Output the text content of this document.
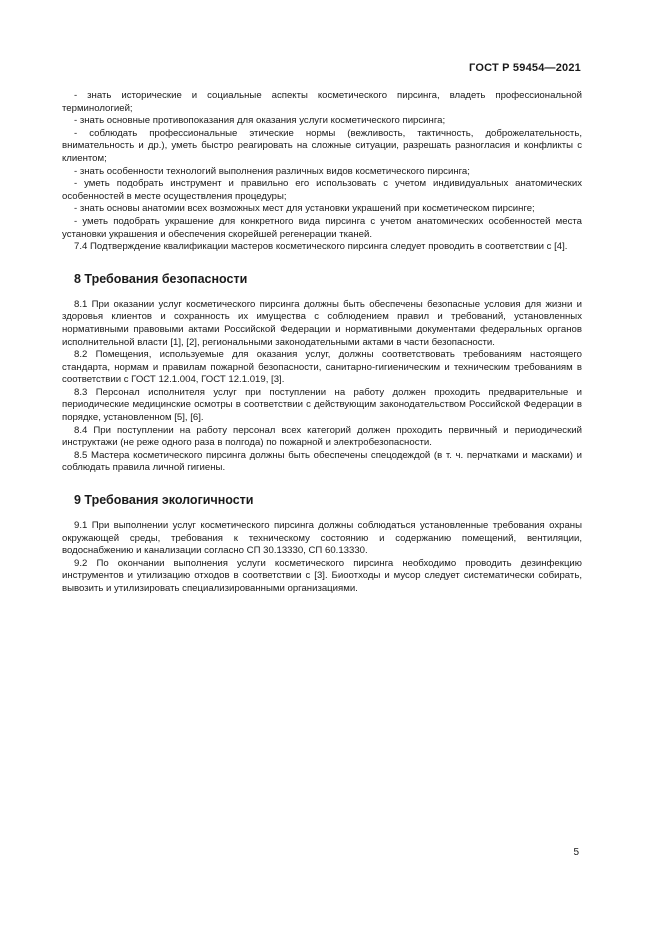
ГОСТ Р 59454—2021

- знать исторические и социальные аспекты косметического пирсинга, владеть профессиональной терминологией;

- знать основные противопоказания для оказания услуги косметического пирсинга;

- соблюдать профессиональные этические нормы (вежливость, тактичность, доброжелательность, внимательность и др.), уметь быстро реагировать на сложные ситуации, разрешать разногласия и конфликты с клиентом;

- знать особенности технологий выполнения различных видов косметического пирсинга;

- уметь подобрать инструмент и правильно его использовать с учетом индивидуальных анатомических особенностей в месте осуществления процедуры;

- знать основы анатомии всех возможных мест для установки украшений при косметическом пирсинге;

- уметь подобрать украшение для конкретного вида пирсинга с учетом анатомических особенностей места установки украшения и обеспечения скорейшей регенерации тканей.

7.4 Подтверждение квалификации мастеров косметического пирсинга следует проводить в соответствии с [4].

8 Требования безопасности

8.1 При оказании услуг косметического пирсинга должны быть обеспечены безопасные условия для жизни и здоровья клиентов и сохранность их имущества с соблюдением правил и требований, установленных нормативными правовыми актами Российской Федерации и нормативными документами федеральных органов исполнительной власти [1], [2], региональными законодательными актами в части безопасности.

8.2 Помещения, используемые для оказания услуг, должны соответствовать требованиям настоящего стандарта, нормам и правилам пожарной безопасности, санитарно-гигиеническим и техническим требованиям в соответствии с ГОСТ 12.1.004, ГОСТ 12.1.019, [3].

8.3 Персонал исполнителя услуг при поступлении на работу должен проходить предварительные и периодические медицинские осмотры в соответствии с действующим законодательством Российской Федерации в порядке, установленном [5], [6].

8.4 При поступлении на работу персонал всех категорий должен проходить первичный и периодический инструктажи (не реже одного раза в полгода) по пожарной и электробезопасности.

8.5 Мастера косметического пирсинга должны быть обеспечены спецодеждой (в т. ч. перчатками и масками) и соблюдать правила личной гигиены.

9 Требования экологичности

9.1 При выполнении услуг косметического пирсинга должны соблюдаться установленные требования охраны окружающей среды, требования к техническому состоянию и содержанию помещений, вентиляции, водоснабжению и канализации согласно СП 30.13330, СП 60.13330.

9.2 По окончании выполнения услуги косметического пирсинга необходимо проводить дезинфекцию инструментов и утилизацию отходов в соответствии с [3]. Биоотходы и мусор следует систематически собирать, вывозить и утилизировать специализированными организациями.

5
